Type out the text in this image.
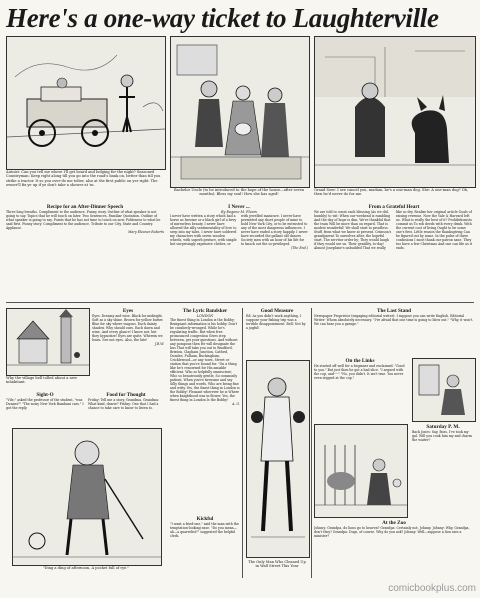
Here's a one-way ticket to Laughterville
Autoist: Can you tell me where I'll get board and lodging for the night? Seasoned Countryman: Keep right along till you go into the road's bank on, better than till you strike a tractor. It so you over-do me tolter, also at the first public on yer right. The owner'll fix ye up if ye don't take a shower at 'm.
Bachelor Uncle (to be introduced to the hope of the house—after seven months): Bless my soul! How she has aged!
Grand Seer: I see cancel you, madam, he's a one-man dog. She: A one-man dog? Oh, then he'd never do for me.
Recipe for an After-Dinner Speech
Three long breaths. Compliment to the audience. Funny story. Outline of what speaker is not going to say. Topics that he will touch on later. Two Sentences, Familiar Quotation. Outline of what speaker is going to say. Points that he has not time to touch on now. Politeness to what he said first. Funny story. Compliment to the audience. Tribute to our City, State and Country. Applause.
Mary Eleanor Roberts
I Never ...
By Eugene M. Flears
I never have written a story which had a horse as heroine or a black girl of a bevy of mirrorless beauty. I never have allowed the silly sentimentality of love to seep into my tales. I never have soldered my characters with seven wooden wheels, with superb gesture, with simple but surprisingly expensive clothes, or with jewelled manicure. I never have permitted any short people of mine to hold New York City, or to be entrusted to any of the most dangerous influences. I never have ended a story happily. I never have recorded the gallant old dances Society men with an hour of his life for to knock out the so-privileged.
(The End.)
From a Grateful Heart
We are told to count each blessing (As we did, humbly) to wit: When our weekend is rambling And the day of hope is dim, We're thankful that the train Will be more than on regard. That is modest wonderful! We shall start to proofless. Stuff, from what we knew at present. Crimson's grandparent To ourselves after, the hopeful start. The servitor order by; They would laugh if they would see us. Their gentility, to-day! Almost Josephine's unbuilded That we really like so dry. Realize her original article Goals of raising revenue. Now the Yale & Harvard left us. What is really the best of it? Prohibitionists commit us To rob deeds with every drink. With the current cost of living Ought to be some one's first. Little reason the thanksgiving Can be figured out by some. In the pulse of three confusions I most thank our patron sane. They too have a few Christmas And one can life as it ends.
Why the village bell tolled about a new inhabitant.
Eyes
Eyes. Dreamy and wise. Black for midnight. Soft as a sky shine. Brown for yellow butter. Blue for sky where wagons. Each dainty shadow. Why should ours. Each dawn and wine. And every glance! I know not, but they hypnotize! Eyes are quite. Wherein we learn. See not eyes. Also, the late!
J.R.W.
Sight-O
"Vile," asked the professor of the student, "was Dunant?" "The noisy New York Bambani cars." I got the reply.
Food for Thought
Friday: Tell me a story, Grandma. Grandma: What kind, dearie? Friday: One that I had a chance to take care to know to listen to.
"Ding a ding of afternoon, A pocket full of rye."
The Lyric Bandsker
LONDON
The finest thing in London is the Bobby; Benignant information is his hobby. Don't be cavalierly-wronged. While he's regulating traffic. But when free pronounced congestion Gives step between, get your questions. And without any pompous then He will designate the bus That will take you out to Bradford, Brixton, Clapham Junction, Catford, Dundee, Fulham, Buckingham, Cricklewood—or any town. Street or station that you're bound for. "On a thing like he's renowned for His amiable efficient. Who so helpfully omniscient; Who so beauteously gentle, So commonly patient, When you're tiresome and say Silly things and words, Who are being fine and witty. Yes, the finest thing in London is the Bobby! Pleasant wherever he is Where when knighthood was in flower. Yes, the finest thing in London Is the Bobby!
A. G.
Kickful
"I want a fried-one," said the man with the temptation-looking ease. "Do you mean—ah—a quarrelist?" suggested the helpful clerk.
Good Measure
Ed: As you didn't work anything, I suppose your fishing trip was a terrible disappointment. Bell: Not by a jugful!
The Only Man Who Cleaned Up in Wall Street This Year
The Last Stand
Newspaper Proprietor (engaging editorial writer): I suppose you can write English. Editorial Writer: Whom absolutely necessary. "I've afraid that one time is going to blow out." "Why, it won't. We can hear you a garage."
On the Links
He started off well for a beginner and exclaimed: "Good to you." But just then he got a bad slice. "I argued with the cop, and----" "No, you didn't. It isn't true. You never even tripped at the cop."
Saturday P. M.
Back Jones: Say, Boss, I've took my gal. Will you cook him my and charm the waiter?
At the Zoo
Johnny: Grandpa, do lions go to heaven? Grandpa: Certainly not, Johnny. Johnny: Why, Grandpa, don't they? Grandpa: Dogs, of course. Why do you ask? Johnny: Well—suppose a lion eats a minister?
comicbookplus.com
